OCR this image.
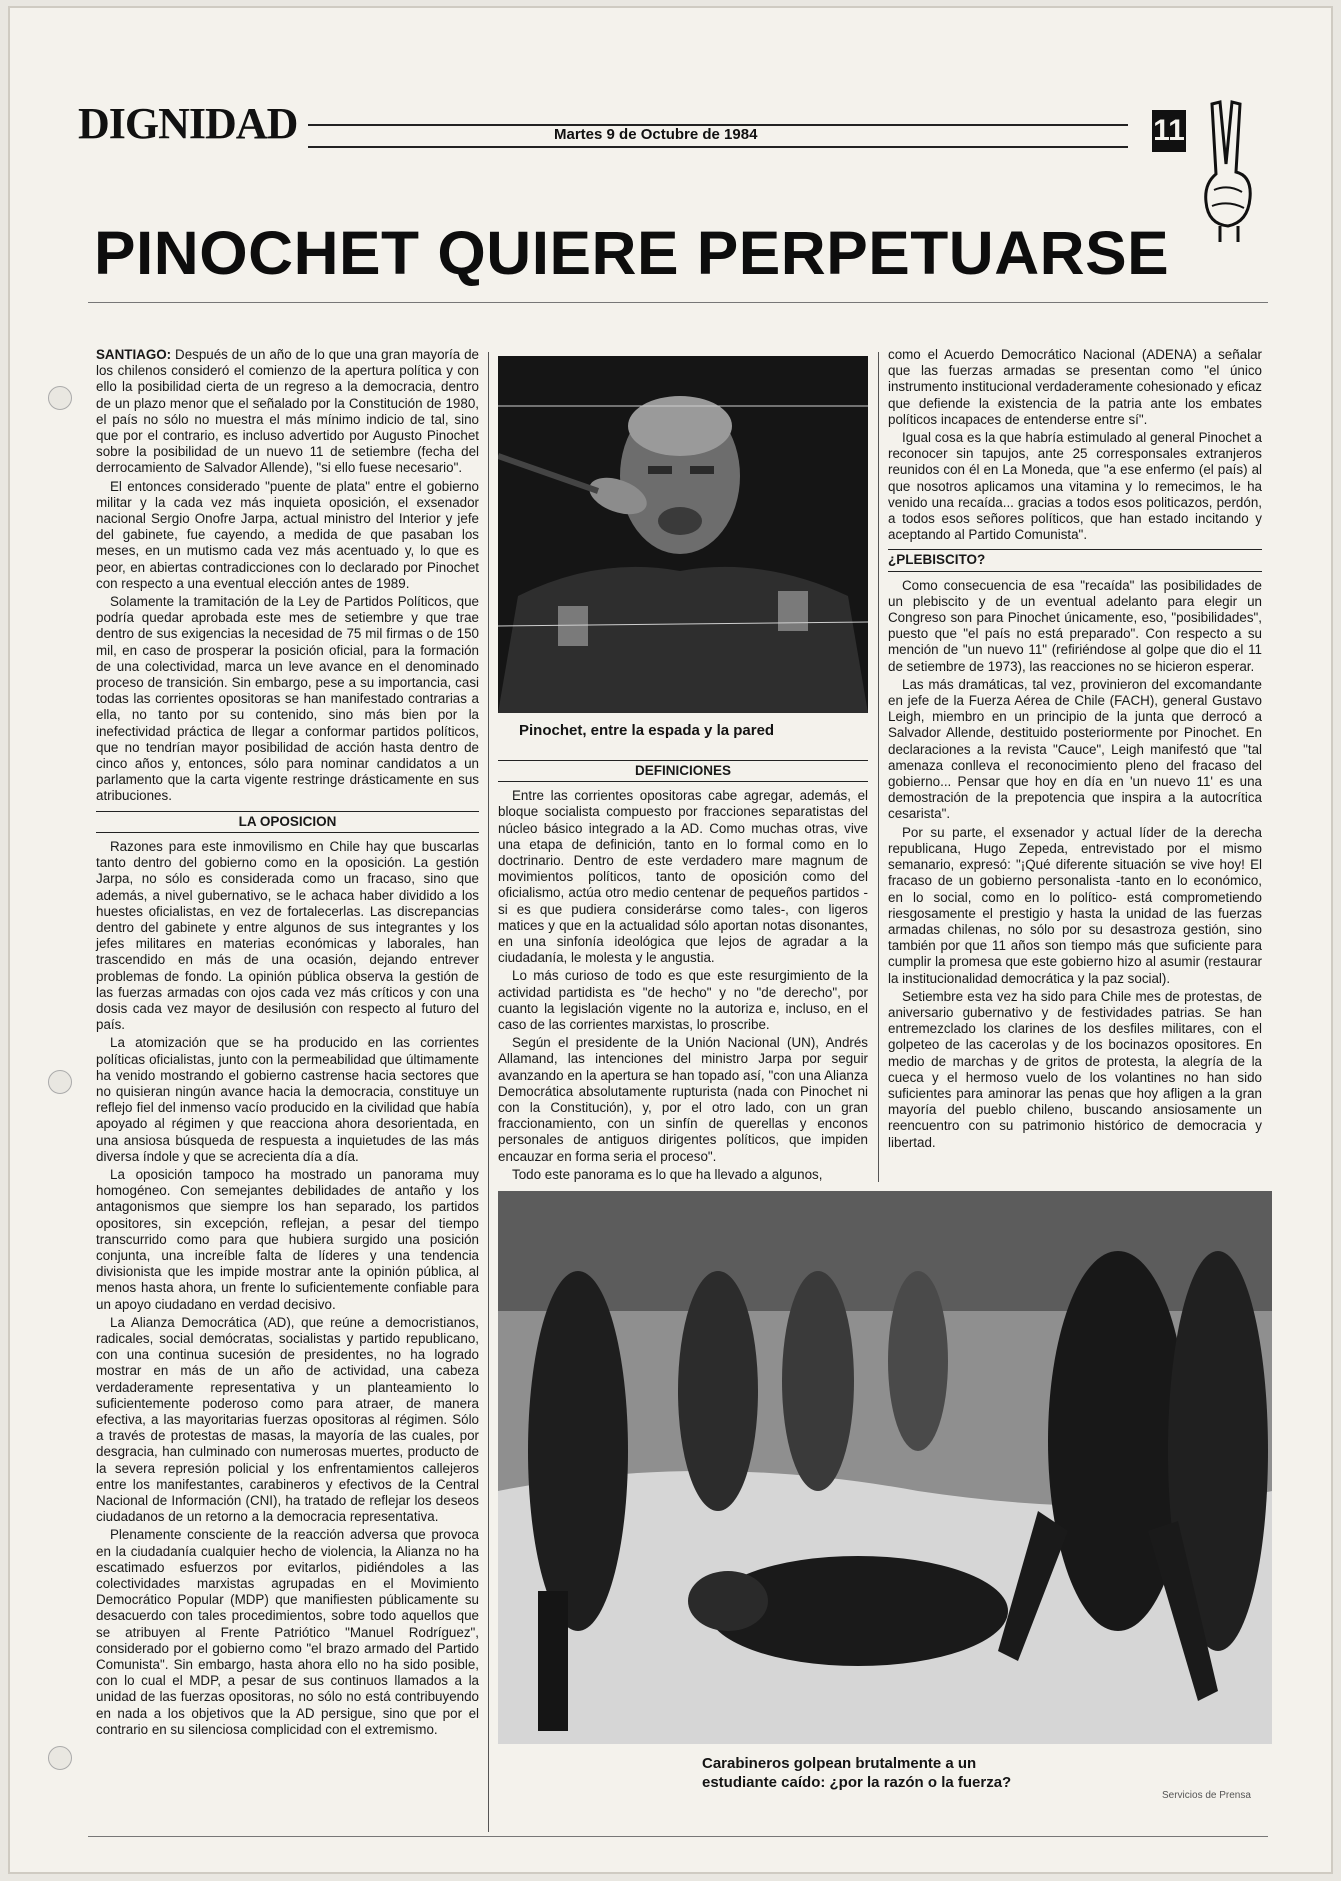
DIGNIDAD	Martes 9 de Octubre de 1984	11
PINOCHET QUIERE PERPETUARSE

SANTIAGO: Después de un año de lo que una gran mayoría de los chilenos consideró el comienzo de la apertura política y con ello la posibilidad cierta de un regreso a la democracia, dentro de un plazo menor que el señalado por la Constitución de 1980, el país no sólo no muestra el más mínimo indicio de tal, sino que por el contrario, es incluso advertido por Augusto Pinochet sobre la posibilidad de un nuevo 11 de setiembre (fecha del derrocamiento de Salvador Allende), "si ello fuese necesario".

El entonces considerado "puente de plata" entre el gobierno militar y la cada vez más inquieta oposición, el exsenador nacional Sergio Onofre Jarpa, actual ministro del Interior y jefe del gabinete, fue cayendo, a medida de que pasaban los meses, en un mutismo cada vez más acentuado y, lo que es peor, en abiertas contradicciones con lo declarado por Pinochet con respecto a una eventual elección antes de 1989.

Solamente la tramitación de la Ley de Partidos Políticos, que podría quedar aprobada este mes de setiembre y que trae dentro de sus exigencias la necesidad de 75 mil firmas o de 150 mil, en caso de prosperar la posición oficial, para la formación de una colectividad, marca un leve avance en el denominado proceso de transición. Sin embargo, pese a su importancia, casi todas las corrientes opositoras se han manifestado contrarias a ella, no tanto por su contenido, sino más bien por la inefectividad práctica de llegar a conformar partidos políticos, que no tendrían mayor posibilidad de acción hasta dentro de cinco años y, entonces, sólo para nominar candidatos a un parlamento que la carta vigente restringe drásticamente en sus atribuciones.

LA OPOSICION

Razones para este inmovilismo en Chile hay que buscarlas tanto dentro del gobierno como en la oposición. La gestión Jarpa, no sólo es considerada como un fracaso, sino que además, a nivel gubernativo, se le achaca haber dividido a los huestes oficialistas, en vez de fortalecerlas. Las discrepancias dentro del gabinete y entre algunos de sus integrantes y los jefes militares en materias económicas y laborales, han trascendido en más de una ocasión, dejando entrever problemas de fondo. La opinión pública observa la gestión de las fuerzas armadas con ojos cada vez más críticos y con una dosis cada vez mayor de desilusión con respecto al futuro del país.

La atomización que se ha producido en las corrientes políticas oficialistas, junto con la permeabilidad que últimamente ha venido mostrando el gobierno castrense hacia sectores que no quisieran ningún avance hacia la democracia, constituye un reflejo fiel del inmenso vacío producido en la civilidad que había apoyado al régimen y que reacciona ahora desorientada, en una ansiosa búsqueda de respuesta a inquietudes de las más diversa índole y que se acrecienta día a día.

La oposición tampoco ha mostrado un panorama muy homogéneo. Con semejantes debilidades de antaño y los antagonismos que siempre los han separado, los partidos opositores, sin excepción, reflejan, a pesar del tiempo transcurrido como para que hubiera surgido una posición conjunta, una increíble falta de líderes y una tendencia divisionista que les impide mostrar ante la opinión pública, al menos hasta ahora, un frente lo suficientemente confiable para un apoyo ciudadano en verdad decisivo.

La Alianza Democrática (AD), que reúne a democristianos, radicales, social demócratas, socialistas y partido republicano, con una continua sucesión de presidentes, no ha logrado mostrar en más de un año de actividad, una cabeza verdaderamente representativa y un planteamiento lo suficientemente poderoso como para atraer, de manera efectiva, a las mayoritarias fuerzas opositoras al régimen. Sólo a través de protestas de masas, la mayoría de las cuales, por desgracia, han culminado con numerosas muertes, producto de la severa represión policial y los enfrentamientos callejeros entre los manifestantes, carabineros y efectivos de la Central Nacional de Información (CNI), ha tratado de reflejar los deseos ciudadanos de un retorno a la democracia representativa.

Plenamente consciente de la reacción adversa que provoca en la ciudadanía cualquier hecho de violencia, la Alianza no ha escatimado esfuerzos por evitarlos, pidiéndoles a las colectividades marxistas agrupadas en el Movimiento Democrático Popular (MDP) que manifiesten públicamente su desacuerdo con tales procedimientos, sobre todo aquellos que se atribuyen al Frente Patriótico "Manuel Rodríguez", considerado por el gobierno como "el brazo armado del Partido Comunista". Sin embargo, hasta ahora ello no ha sido posible, con lo cual el MDP, a pesar de sus continuos llamados a la unidad de las fuerzas opositoras, no sólo no está contribuyendo en nada a los objetivos que la AD persigue, sino que por el contrario en su silenciosa complicidad con el extremismo.

Pinochet, entre la espada y la pared
DEFINICIONES

Entre las corrientes opositoras cabe agregar, además, el bloque socialista compuesto por fracciones separatistas del núcleo básico integrado a la AD. Como muchas otras, vive una etapa de definición, tanto en lo formal como en lo doctrinario. Dentro de este verdadero mare magnum de movimientos políticos, tanto de oposición como del oficialismo, actúa otro medio centenar de pequeños partidos -si es que pudiera considerárse como tales-, con ligeros matices y que en la actualidad sólo aportan notas disonantes, en una sinfonía ideológica que lejos de agradar a la ciudadanía, le molesta y le angustia.

Lo más curioso de todo es que este resurgimiento de la actividad partidista es "de hecho" y no "de derecho", por cuanto la legislación vigente no la autoriza e, incluso, en el caso de las corrientes marxistas, lo proscribe.

Según el presidente de la Unión Nacional (UN), Andrés Allamand, las intenciones del ministro Jarpa por seguir avanzando en la apertura se han topado así, "con una Alianza Democrática absolutamente rupturista (nada con Pinochet ni con la Constitución), y, por el otro lado, con un gran fraccionamiento, con un sinfín de querellas y enconos personales de antiguos dirigentes políticos, que impiden encauzar en forma seria el proceso".

Todo este panorama es lo que ha llevado a algunos,

como el Acuerdo Democrático Nacional (ADENA) a señalar que las fuerzas armadas se presentan como "el único instrumento institucional verdaderamente cohesionado y eficaz que defiende la existencia de la patria ante los embates políticos incapaces de entenderse entre sí".

Igual cosa es la que habría estimulado al general Pinochet a reconocer sin tapujos, ante 25 corresponsales extranjeros reunidos con él en La Moneda, que "a ese enfermo (el país) al que nosotros aplicamos una vitamina y lo remecimos, le ha venido una recaída... gracias a todos esos politicazos, perdón, a todos esos señores políticos, que han estado incitando y aceptando al Partido Comunista".

¿PLEBISCITO?

Como consecuencia de esa "recaída" las posibilidades de un plebiscito y de un eventual adelanto para elegir un Congreso son para Pinochet únicamente, eso, "posibilidades", puesto que "el país no está preparado". Con respecto a su mención de "un nuevo 11" (refiriéndose al golpe que dio el 11 de setiembre de 1973), las reacciones no se hicieron esperar.

Las más dramáticas, tal vez, provinieron del excomandante en jefe de la Fuerza Aérea de Chile (FACH), general Gustavo Leigh, miembro en un principio de la junta que derrocó a Salvador Allende, destituido posteriormente por Pinochet. En declaraciones a la revista "Cauce", Leigh manifestó que "tal amenaza conlleva el reconocimiento pleno del fracaso del gobierno... Pensar que hoy en día en 'un nuevo 11' es una demostración de la prepotencia que inspira a la autocrítica cesarista".

Por su parte, el exsenador y actual líder de la derecha republicana, Hugo Zepeda, entrevistado por el mismo semanario, expresó: "¡Qué diferente situación se vive hoy! El fracaso de un gobierno personalista -tanto en lo económico, en lo social, como en lo político- está comprometiendo riesgosamente el prestigio y hasta la unidad de las fuerzas armadas chilenas, no sólo por su desastroza gestión, sino también por que 11 años son tiempo más que suficiente para cumplir la promesa que este gobierno hizo al asumir (restaurar la institucionalidad democrática y la paz social).

Setiembre esta vez ha sido para Chile mes de protestas, de aniversario gubernativo y de festividades patrias. Se han entremezclado los clarines de los desfiles militares, con el golpeteo de las caceroIas y de los bocinazos opositores. En medio de marchas y de gritos de protesta, la alegría de la cueca y el hermoso vuelo de los volantines no han sido suficientes para aminorar las penas que hoy afligen a la gran mayoría del pueblo chileno, buscando ansiosamente un reencuentro con su patrimonio histórico de democracia y libertad.

Carabineros golpean brutalmente a un
estudiante caído: ¿por la razón o la fuerza?
Servicios de Prensa
